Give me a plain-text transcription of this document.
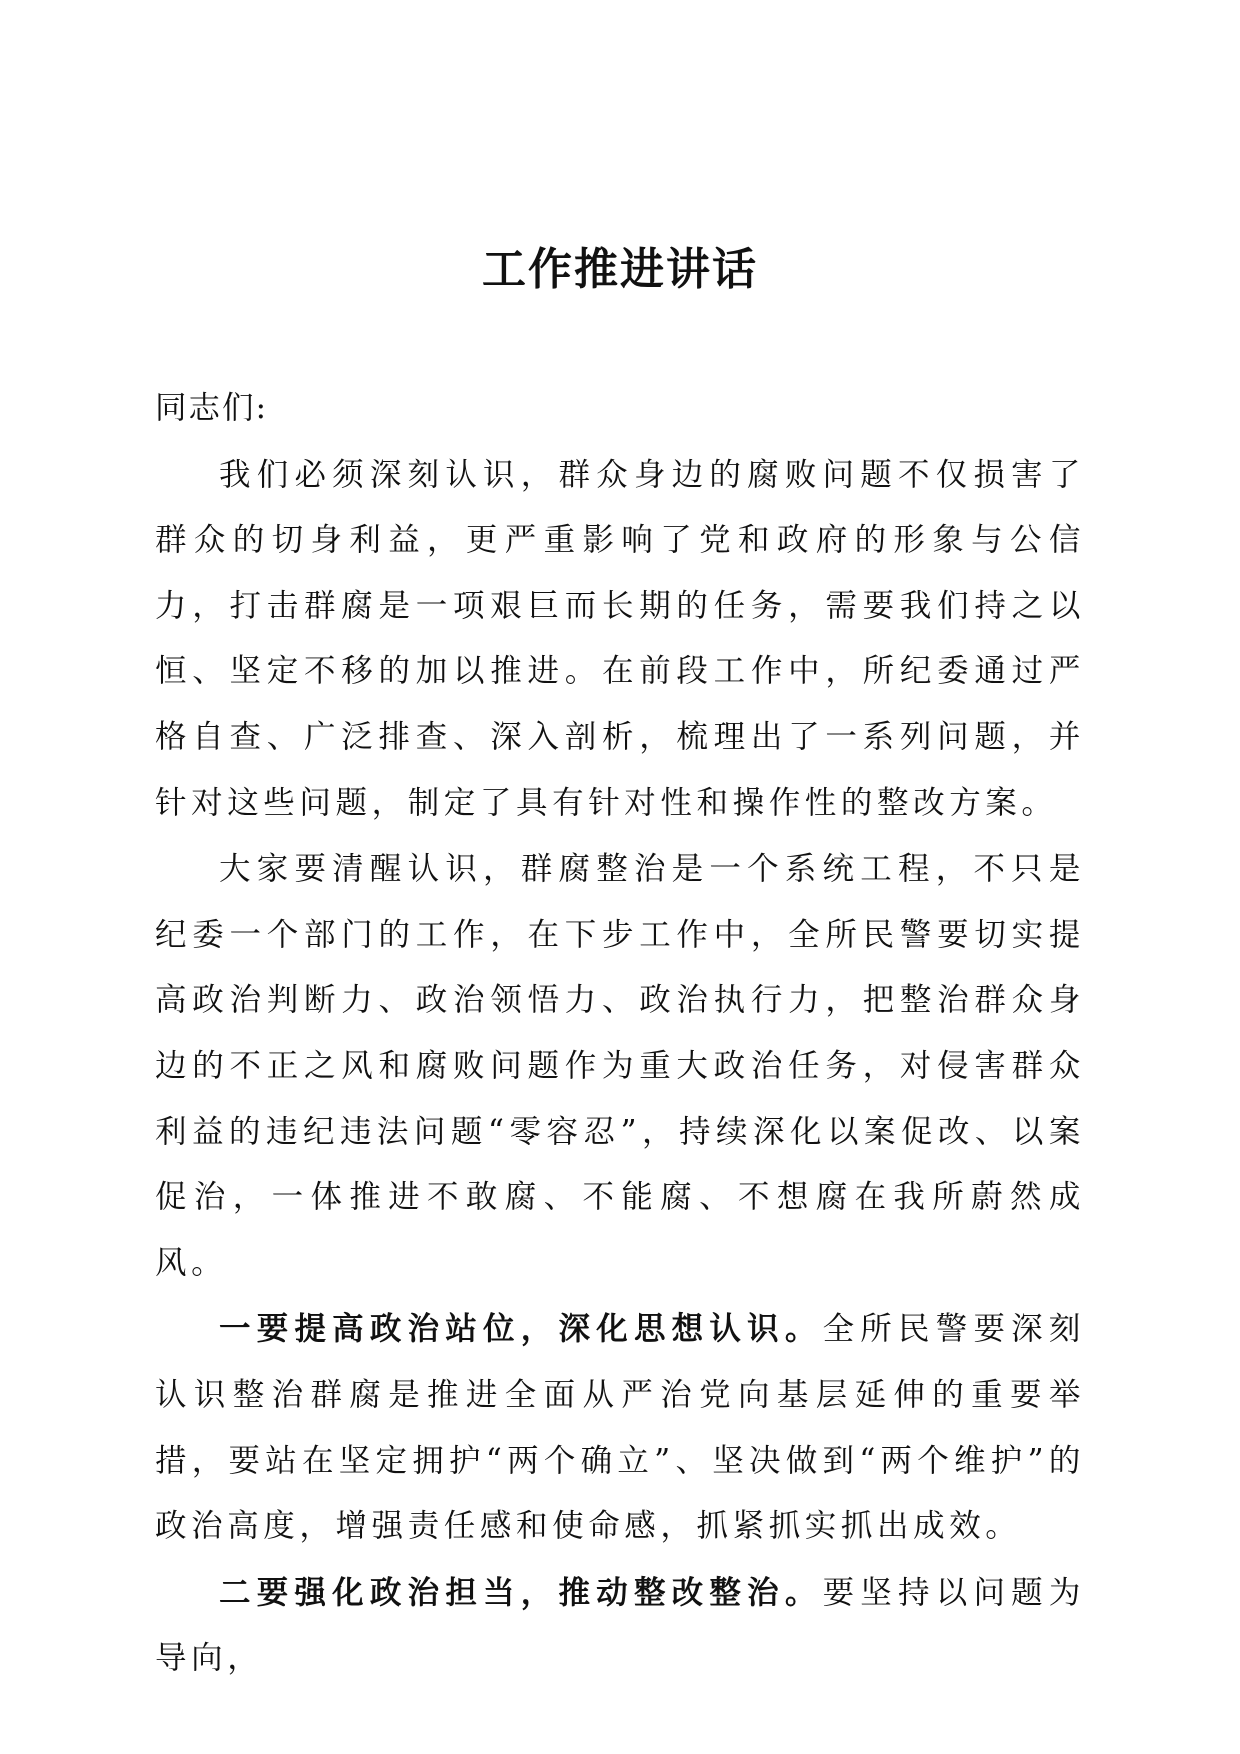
工作推进讲话

同志们:

我们必须深刻认识，群众身边的腐败问题不仅损害了群众的切身利益，更严重影响了党和政府的形象与公信力，打击群腐是一项艰巨而长期的任务，需要我们持之以恒、坚定不移的加以推进。在前段工作中，所纪委通过严格自查、广泛排查、深入剖析，梳理出了一系列问题，并针对这些问题，制定了具有针对性和操作性的整改方案。

大家要清醒认识，群腐整治是一个系统工程，不只是纪委一个部门的工作，在下步工作中，全所民警要切实提高政治判断力、政治领悟力、政治执行力，把整治群众身边的不正之风和腐败问题作为重大政治任务，对侵害群众利益的违纪违法问题“零容忍”，持续深化以案促改、以案促治，一体推进不敢腐、不能腐、不想腐在我所蔚然成风。

一要提高政治站位，深化思想认识。全所民警要深刻认识整治群腐是推进全面从严治党向基层延伸的重要举措，要站在坚定拥护“两个确立”、坚决做到“两个维护”的政治高度，增强责任感和使命感，抓紧抓实抓出成效。

二要强化政治担当，推动整改整治。要坚持以问题为导向，
